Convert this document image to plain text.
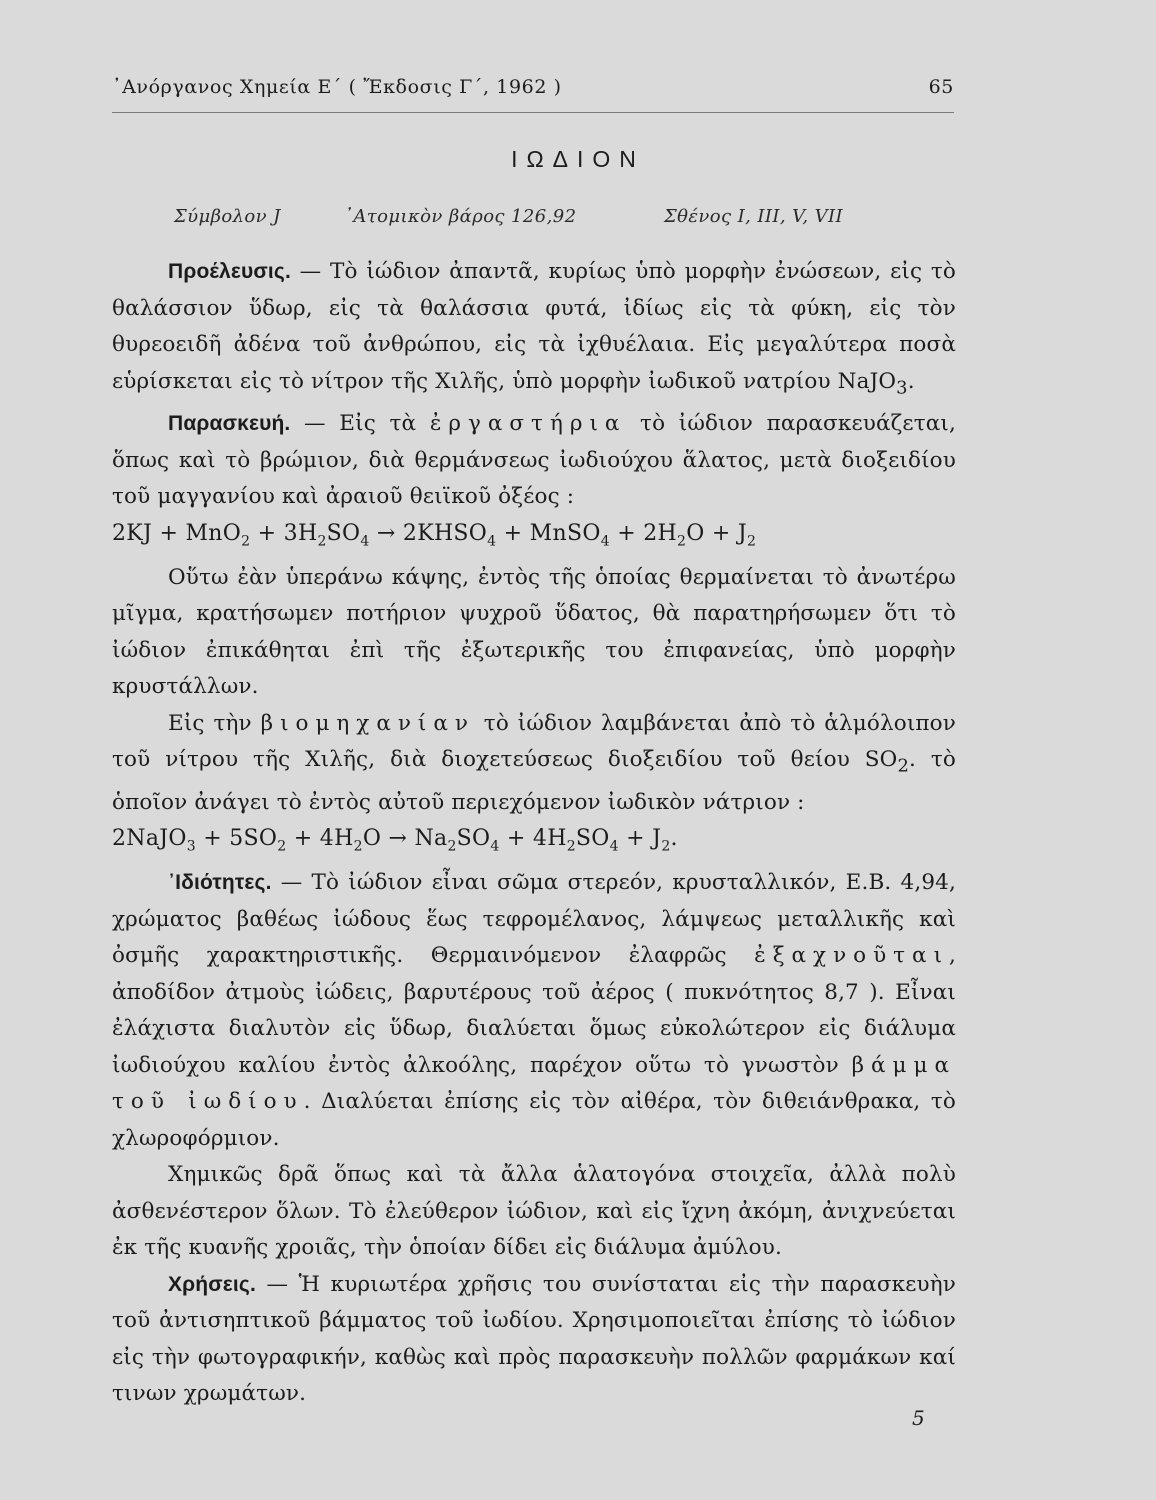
᾿Ανόργανος Χημεία Ε΄ ( Ἔκδοσις Γ΄, 1962 )	65
ΙΩΔΙΟΝ
Σύμβολον J	᾿Ατομικὸν βάρος 126,92	Σθένος I, III, V, VII

Προέλευσις. — Τὸ ἰώδιον ἀπαντᾶ, κυρίως ὑπὸ μορφὴν ἐνώσεων, εἰς τὸ θαλάσσιον ὕδωρ, εἰς τὰ θαλάσσια φυτά, ἰδίως εἰς τὰ φύκη, εἰς τὸν θυρεοειδῆ ἀδένα τοῦ ἀνθρώπου, εἰς τὰ ἰχθυέλαια. Εἰς μεγαλύτερα ποσὰ εὑρίσκεται εἰς τὸ νίτρον τῆς Χιλῆς, ὑπὸ μορφὴν ἰωδικοῦ νατρίου NaJO$_3$.

Παρασκευή. — Εἰς τὰ ἐργαστήρια τὸ ἰώδιον παρασκευάζεται, ὅπως καὶ τὸ βρώμιον, διὰ θερμάνσεως ἰωδιούχου ἅλατος, μετὰ διοξειδίου τοῦ μαγγανίου καὶ ἀραιοῦ θειϊκοῦ ὀξέος :

$2KJ + MnO_2 + 3H_2SO_4$ → $2KHSO_4$ + MnSO$_4$ + $2H_2O + J_2$

Οὕτω ἐὰν ὑπεράνω κάψης, ἐντὸς τῆς ὁποίας θερμαίνεται τὸ ἀνωτέρω μῖγμα, κρατήσωμεν ποτήριον ψυχροῦ ὕδατος, θὰ παρατηρήσωμεν ὅτι τὸ ἰώδιον ἐπικάθηται ἐπὶ τῆς ἐξωτερικῆς του ἐπιφανείας, ὑπὸ μορφὴν κρυστάλλων.

Εἰς τὴν βιομηχανίαν τὸ ἰώδιον λαμβάνεται ἀπὸ τὸ ἁλμόλοιπον τοῦ νίτρου τῆς Χιλῆς, διὰ διοχετεύσεως διοξειδίου τοῦ θείου $SO_2$. τὸ ὁποῖον ἀνάγει τὸ ἐντὸς αὐτοῦ περιεχόμενον ἰωδικὸν νάτριον :

2NaJO$_3$ + $5SO_2 + 4H_2O \to Na_2SO_4 + 4H_2SO_4 + J_2$.

᾿Ιδιότητες. — Τὸ ἰώδιον εἶναι σῶμα στερεόν, κρυσταλλικόν, Ε.Β. 4,94, χρώματος βαθέως ἰώδους ἕως τεφρομέλανος, λάμψεως μεταλλικῆς καὶ ὀσμῆς χαρακτηριστικῆς. Θερμαινόμενον ἐλαφρῶς ἐξαχνοῦται, ἀποδίδον ἀτμοὺς ἰώδεις, βαρυτέρους τοῦ ἀέρος ( πυκνότητος 8,7 ). Εἶναι ἐλάχιστα διαλυτὸν εἰς ὕδωρ, διαλύεται ὅμως εὐκολώτερον εἰς διάλυμα ἰωδιούχου καλίου ἐντὸς ἀλκοόλης, παρέχον οὕτω τὸ γνωστὸν βάμμα τοῦ ἰωδίου. Διαλύεται ἐπίσης εἰς τὸν αἰθέρα, τὸν διθειάνθρακα, τὸ χλωροφόρμιον.

Χημικῶς δρᾶ ὅπως καὶ τὰ ἄλλα ἁλατογόνα στοιχεῖα, ἀλλὰ πολὺ ἀσθενέστερον ὅλων. Τὸ ἐλεύθερον ἰώδιον, καὶ εἰς ἴχνη ἀκόμη, ἀνιχνεύεται ἐκ τῆς κυανῆς χροιᾶς, τὴν ὁποίαν δίδει εἰς διάλυμα ἀμύλου.

Χρήσεις. — Ἡ κυριωτέρα χρῆσις του συνίσταται εἰς τὴν παρασκευὴν τοῦ ἀντισηπτικοῦ βάμματος τοῦ ἰωδίου. Χρησιμοποιεῖται ἐπίσης τὸ ἰώδιον εἰς τὴν φωτογραφικήν, καθὼς καὶ πρὸς παρασκευὴν πολλῶν φαρμάκων καί τινων χρωμάτων.

5
